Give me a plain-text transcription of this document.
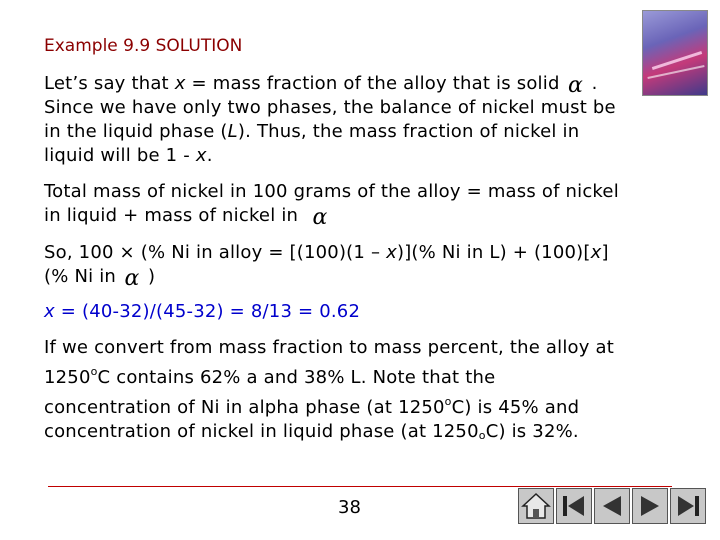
Example 9.9 SOLUTION
Let’s say that x = mass fraction of the alloy that is solid α . Since we have only two phases, the balance of nickel must be in the liquid phase (L). Thus, the mass fraction of nickel in liquid will be 1 - x.
Total mass of nickel in 100 grams of the alloy = mass of nickel in liquid + mass of nickel in α
So, 100 × (% Ni in alloy = [(100)(1 – x)](% Ni in L) + (100)[x](% Ni in α )
x = (40-32)/(45-32) = 8/13 = 0.62
If we convert from mass fraction to mass percent, the alloy at 1250$^o$C contains 62% a and 38% L. Note that the concentration of Ni in alpha phase (at 1250$^o$C) is 45% and concentration of nickel in liquid phase (at 1250oC) is 32%.
38
